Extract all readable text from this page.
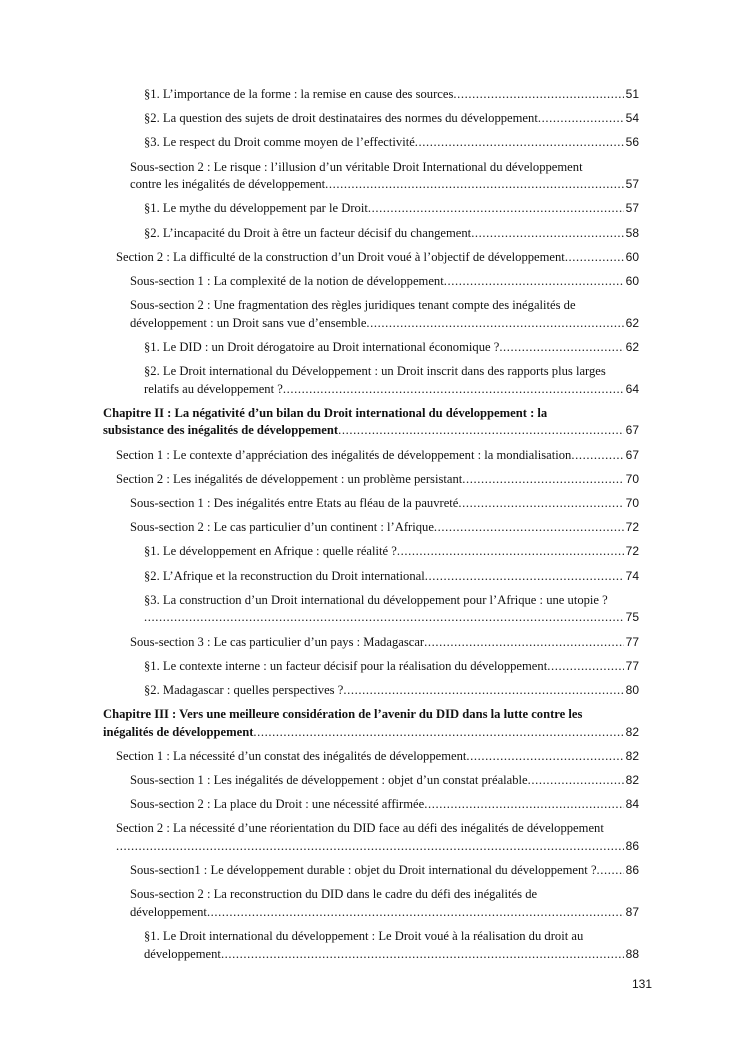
§1. L’importance de la forme : la remise en cause des sources .....	51
§2. La question des sujets de droit destinataires des normes du développement .....	54
§3. Le respect du Droit comme moyen de l’effectivité .....	56
Sous-section 2 : Le risque : l’illusion d’un véritable Droit International du développement
contre les inégalités de développement .....	57
§1. Le mythe du développement par le Droit .....	57
§2. L’incapacité du Droit à être un facteur décisif du changement .....	58
Section 2 : La difficulté de la construction d’un Droit voué à l’objectif de développement .....	60
Sous-section 1 : La complexité de la notion de développement .....	60
Sous-section 2 : Une fragmentation des règles juridiques tenant compte des inégalités de
développement : un Droit sans vue d’ensemble .....	62
§1. Le DID : un Droit dérogatoire au Droit international économique ? .....	62
§2. Le Droit international du Développement : un Droit inscrit dans des rapports plus larges
relatifs au développement ? .....	64
Chapitre II : La négativité d’un bilan du Droit international du développement : la
subsistance des inégalités de développement .....	67
Section 1 : Le contexte d’appréciation des inégalités de développement : la mondialisation .....	67
Section 2 : Les inégalités de développement : un problème persistant .....	70
Sous-section 1 : Des inégalités entre Etats au fléau de la pauvreté .....	70
Sous-section 2 : Le cas particulier d’un continent : l’Afrique .....	72
§1. Le développement en Afrique : quelle réalité ? .....	72
§2. L’Afrique et la reconstruction du Droit international .....	74
§3. La construction d’un Droit international du développement pour l’Afrique : une utopie ?
.....
75
Sous-section 3 : Le cas particulier d’un pays : Madagascar .....	77
§1. Le contexte interne : un facteur décisif pour la réalisation du développement .....	77
§2. Madagascar : quelles perspectives ? .....	80
Chapitre III : Vers une meilleure considération de l’avenir du DID dans la lutte contre les
inégalités de développement .....	82
Section 1 : La nécessité d’un constat des inégalités de développement .....	82
Sous-section 1 : Les inégalités de développement : objet d’un constat préalable .....	82
Sous-section 2 : La place du Droit : une nécessité affirmée .....	84
Section 2 : La nécessité d’une réorientation du DID face au défi des inégalités de développement
.....
86
Sous-section1 : Le développement durable : objet du Droit international du développement ? ..... 86
Sous-section 2 : La reconstruction du DID dans le cadre du défi des inégalités de
développement .....	87
§1. Le Droit international du développement : Le Droit voué à la réalisation du droit au
développement .....	88
131
